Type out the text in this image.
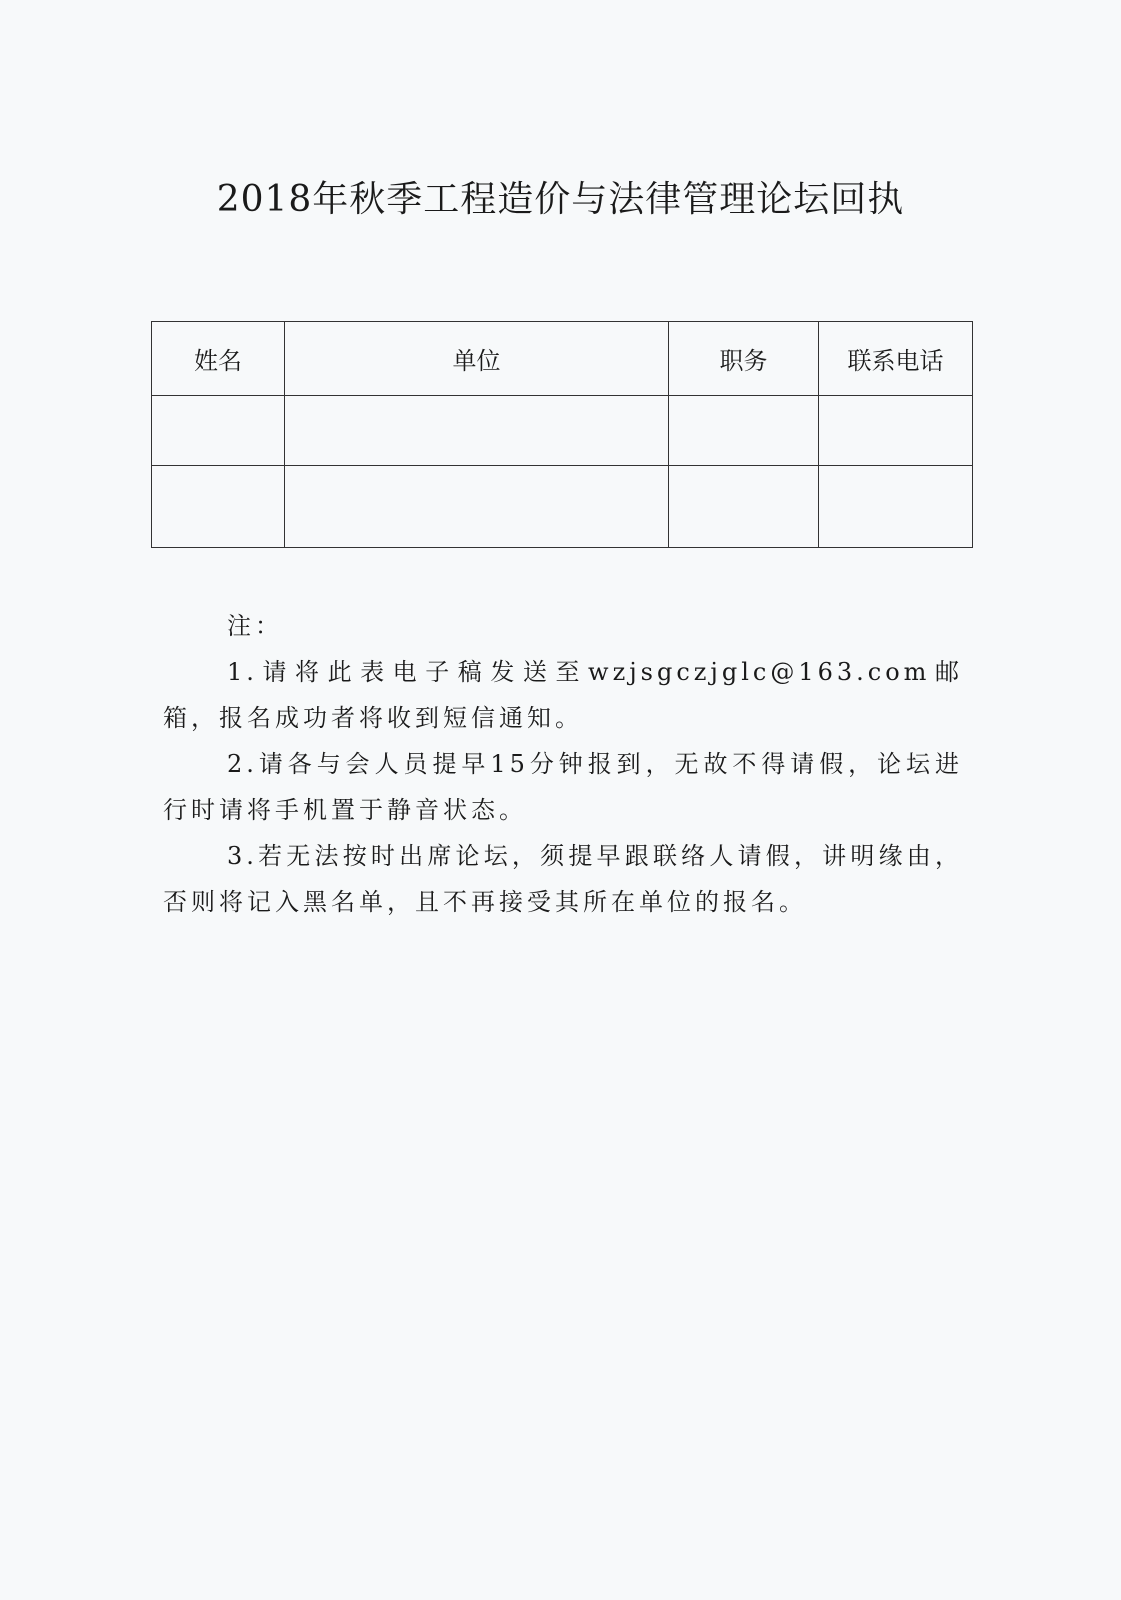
2018年秋季工程造价与法律管理论坛回执
姓名	单位	职务	联系电话

注：

1.请将此表电子稿发送至wzjsgczjglc@163.com邮箱，报名成功者将收到短信通知。

2.请各与会人员提早15分钟报到，无故不得请假，论坛进行时请将手机置于静音状态。

3.若无法按时出席论坛，须提早跟联络人请假，讲明缘由，否则将记入黑名单，且不再接受其所在单位的报名。
